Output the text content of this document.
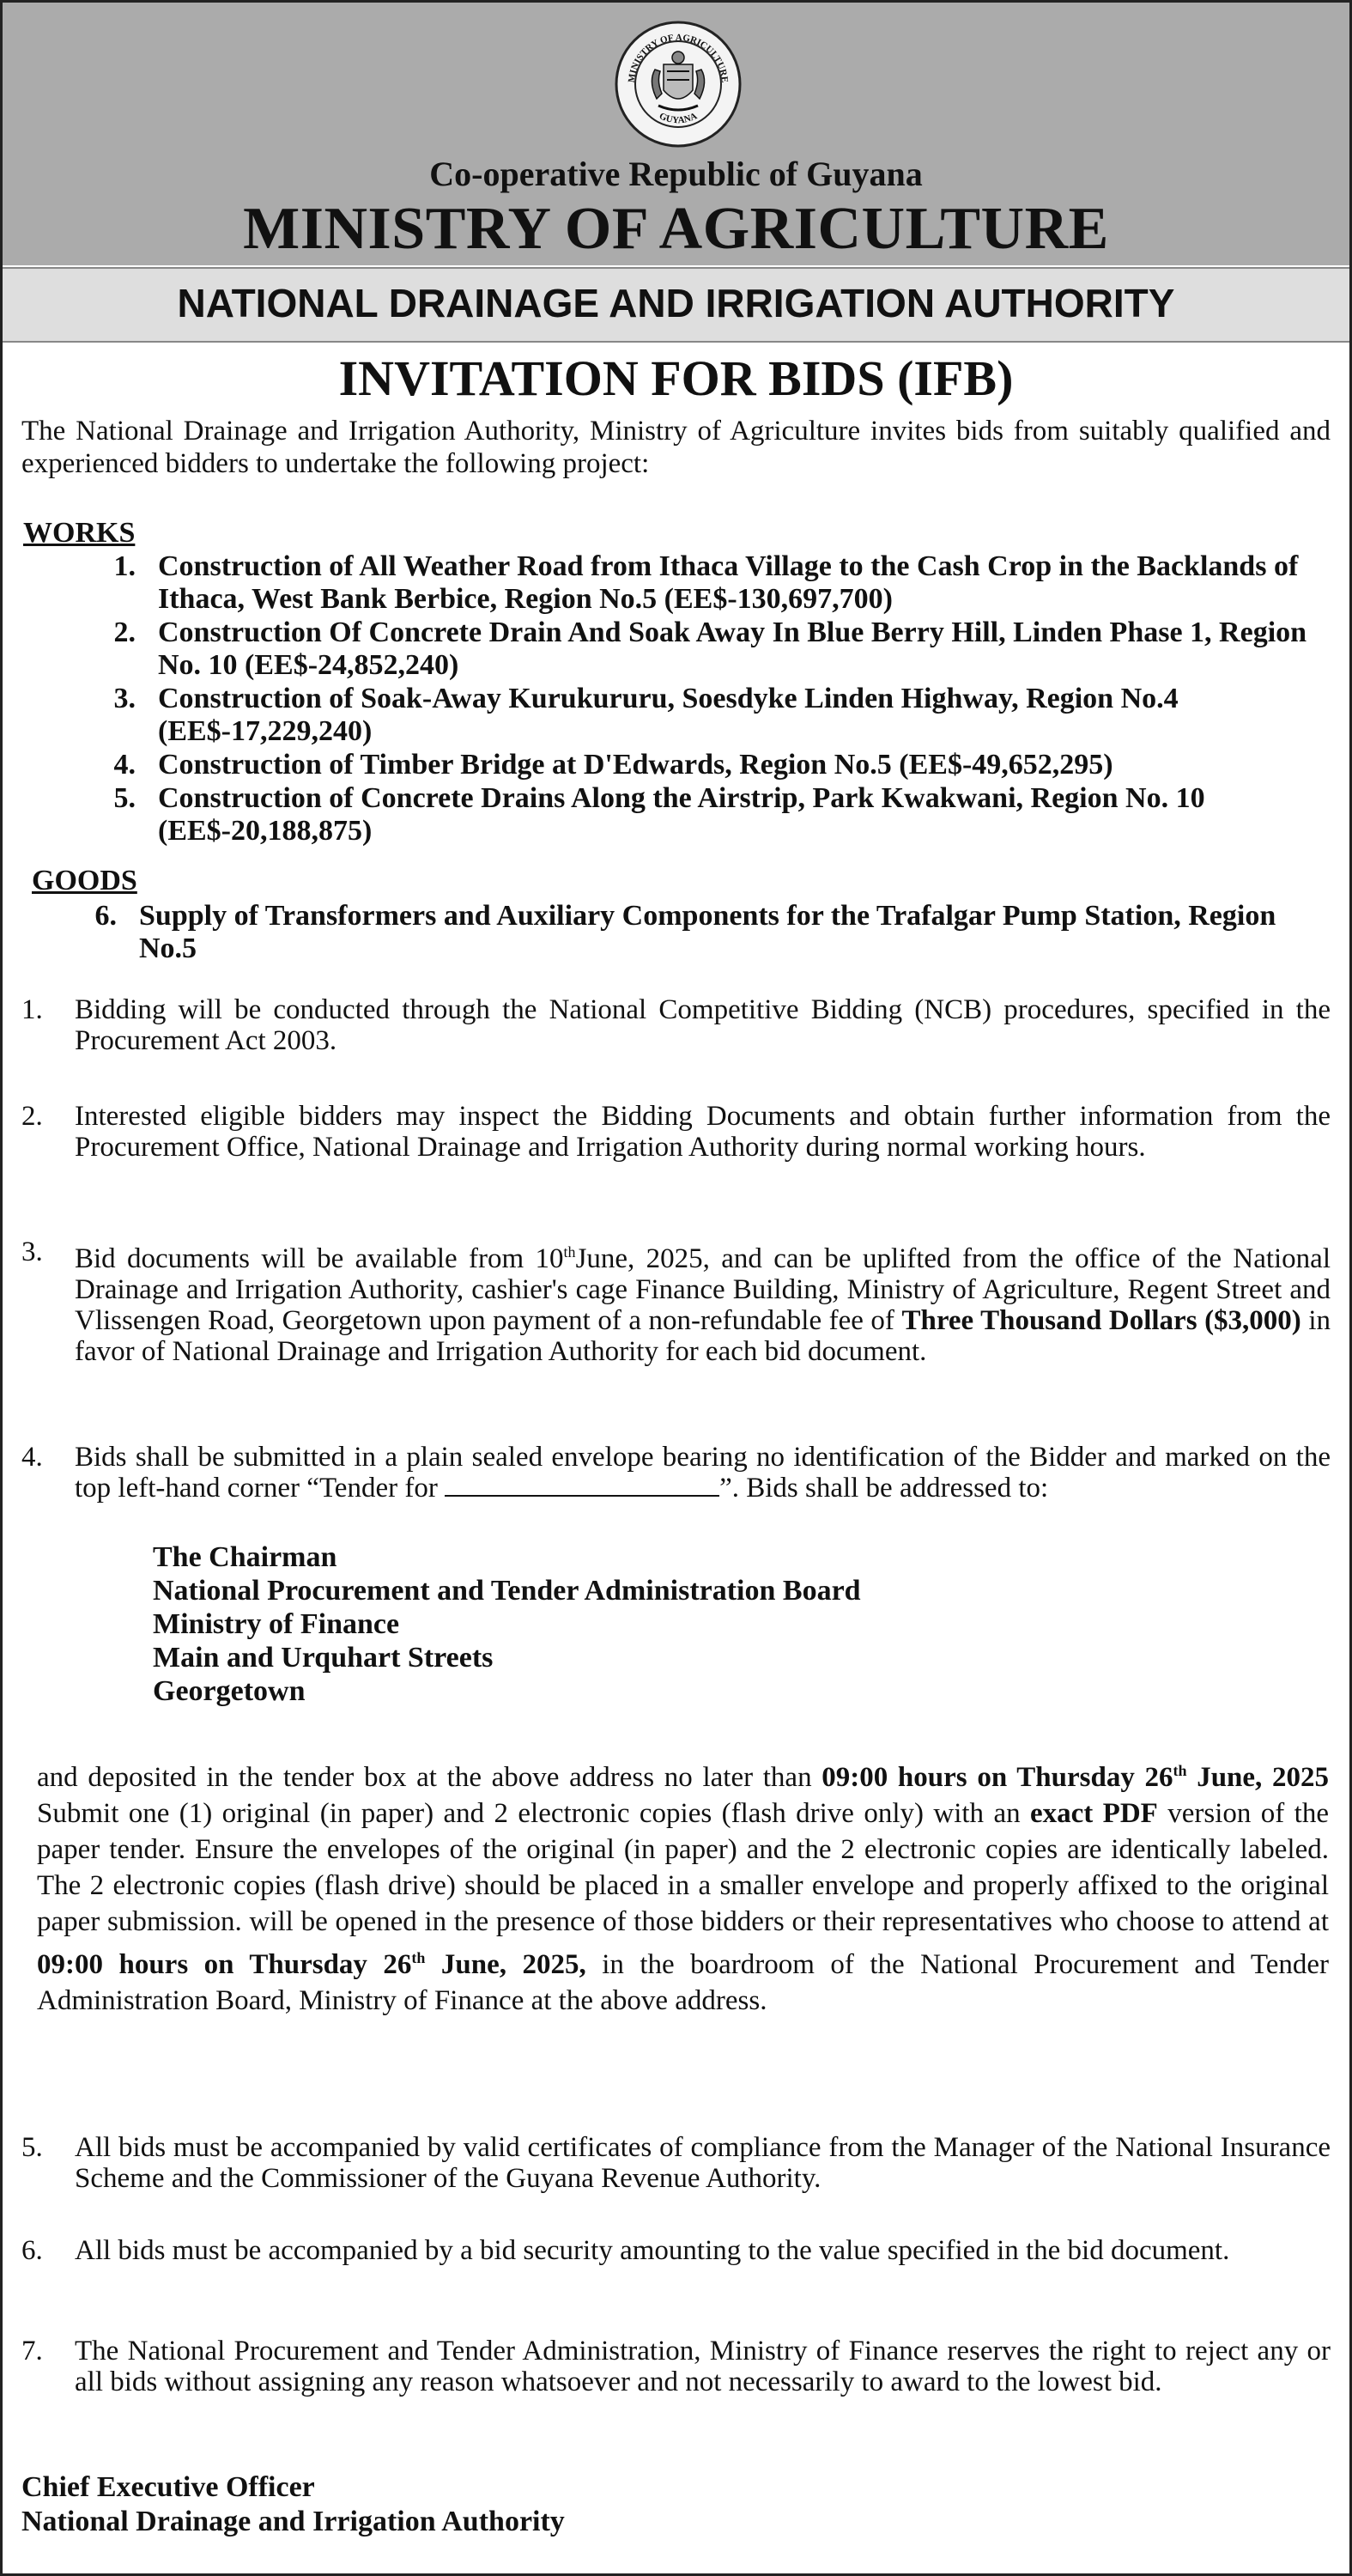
MINISTRY OF AGRICULTURE
GUYANA
Co-operative Republic of Guyana
MINISTRY OF AGRICULTURE
NATIONAL DRAINAGE AND IRRIGATION AUTHORITY
INVITATION FOR BIDS (IFB)
The National Drainage and Irrigation Authority, Ministry of Agriculture invites bids from suitably qualified and experienced bidders to undertake the following project:
WORKS
1. Construction of All Weather Road from Ithaca Village to the Cash Crop in the Backlands of Ithaca, West Bank Berbice, Region No.5 (EE$-130,697,700)
2. Construction Of Concrete Drain And Soak Away In Blue Berry Hill, Linden Phase 1, Region No. 10 (EE$-24,852,240)
3. Construction of Soak-Away Kurukururu, Soesdyke Linden Highway, Region No.4 (EE$-17,229,240)
4. Construction of Timber Bridge at D'Edwards, Region No.5 (EE$-49,652,295)
5. Construction of Concrete Drains Along the Airstrip, Park Kwakwani, Region No. 10 (EE$-20,188,875)
GOODS
6. Supply of Transformers and Auxiliary Components for the Trafalgar Pump Station, Region No.5
1.	Bidding will be conducted through the National Competitive Bidding (NCB) procedures, specified in the Procurement Act 2003.
2.	Interested eligible bidders may inspect the Bidding Documents and obtain further information from the Procurement Office, National Drainage and Irrigation Authority during normal working hours.
3.	Bid documents will be available from 10thJune, 2025, and can be uplifted from the office of the National Drainage and Irrigation Authority, cashier's cage Finance Building, Ministry of Agriculture, Regent Street and Vlissengen Road, Georgetown upon payment of a non-refundable fee of Three Thousand Dollars ($3,000) in favor of National Drainage and Irrigation Authority for each bid document.
4.	Bids shall be submitted in a plain sealed envelope bearing no identification of the Bidder and marked on the top left-hand corner “Tender for	”. Bids shall be addressed to:
The Chairman
National Procurement and Tender Administration Board
Ministry of Finance
Main and Urquhart Streets
Georgetown
and deposited in the tender box at the above address no later than 09:00 hours on Thursday 26th June, 2025 Submit one (1) original (in paper) and 2 electronic copies (flash drive only) with an exact PDF version of the paper tender. Ensure the envelopes of the original (in paper) and the 2 electronic copies are identically labeled. The 2 electronic copies (flash drive) should be placed in a smaller envelope and properly affixed to the original paper submission. will be opened in the presence of those bidders or their representatives who choose to attend at 09:00 hours on Thursday 26th June, 2025, in the boardroom of the National Procurement and Tender Administration Board, Ministry of Finance at the above address.
5.	All bids must be accompanied by valid certificates of compliance from the Manager of the National Insurance Scheme and the Commissioner of the Guyana Revenue Authority.
6.	All bids must be accompanied by a bid security amounting to the value specified in the bid document.
7.	The National Procurement and Tender Administration, Ministry of Finance reserves the right to reject any or all bids without assigning any reason whatsoever and not necessarily to award to the lowest bid.
Chief Executive Officer
National Drainage and Irrigation Authority
